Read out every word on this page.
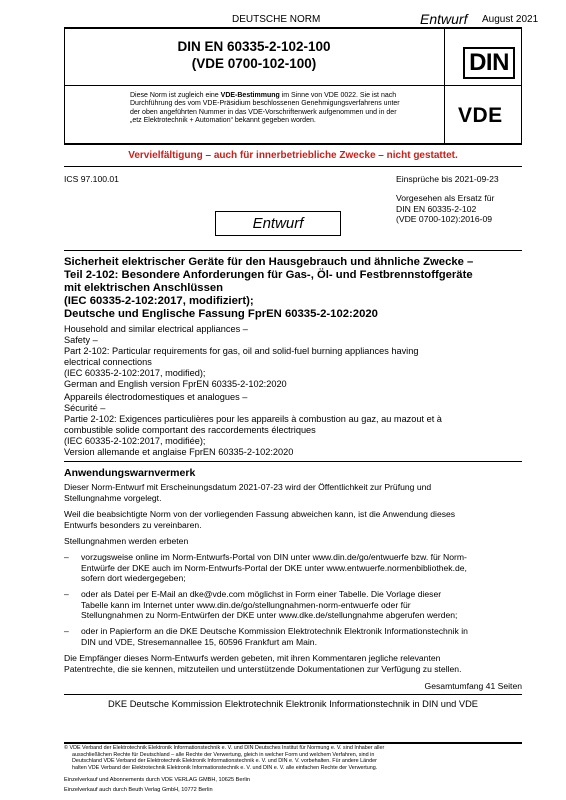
DEUTSCHE NORM	Entwurf August 2021
DIN EN 60335-2-102-100
(VDE 0700-102-100)	DIN
VDE
Diese Norm ist zugleich eine VDE-Bestimmung im Sinne von VDE 0022. Sie ist nach
Durchführung des vom VDE-Präsidium beschlossenen Genehmigungsverfahrens unter
der oben angeführten Nummer in das VDE-Vorschriftenwerk aufgenommen und in der
„etz Elektrotechnik + Automation“ bekannt gegeben worden.
Vervielfältigung – auch für innerbetriebliche Zwecke – nicht gestattet.
ICS 97.100.01	Einsprüche bis 2021-09-23
Vorgesehen als Ersatz für
DIN EN 60335-2-102
(VDE 0700-102):2016-09
Entwurf
Sicherheit elektrischer Geräte für den Hausgebrauch und ähnliche Zwecke –
Teil 2-102: Besondere Anforderungen für Gas-, Öl- und Festbrennstoffgeräte
mit elektrischen Anschlüssen
(IEC 60335-2-102:2017, modifiziert);
Deutsche und Englische Fassung FprEN 60335-2-102:2020
Household and similar electrical appliances –
Safety –
Part 2-102: Particular requirements for gas, oil and solid-fuel burning appliances having
electrical connections
(IEC 60335-2-102:2017, modified);
German and English version FprEN 60335-2-102:2020
Appareils électrodomestiques et analogues –
Sécurité –
Partie 2-102: Exigences particulières pour les appareils à combustion au gaz, au mazout et à
combustible solide comportant des raccordements électriques
(IEC 60335-2-102:2017, modifiée);
Version allemande et anglaise FprEN 60335-2-102:2020
Anwendungswarnvermerk
Dieser Norm-Entwurf mit Erscheinungsdatum 2021-07-23 wird der Öffentlichkeit zur Prüfung und
Stellungnahme vorgelegt.
Weil die beabsichtigte Norm von der vorliegenden Fassung abweichen kann, ist die Anwendung dieses
Entwurfs besonders zu vereinbaren.
Stellungnahmen werden erbeten
– vorzugsweise online im Norm-Entwurfs-Portal von DIN unter www.din.de/go/entwuerfe bzw. für Norm-
Entwürfe der DKE auch im Norm-Entwurfs-Portal der DKE unter www.entwuerfe.normenbibliothek.de,
sofern dort wiedergegeben;
– oder als Datei per E-Mail an dke@vde.com möglichst in Form einer Tabelle. Die Vorlage dieser
Tabelle kann im Internet unter www.din.de/go/stellungnahmen-norm-entwuerfe oder für
Stellungnahmen zu Norm-Entwürfen der DKE unter www.dke.de/stellungnahme abgerufen werden;
– oder in Papierform an die DKE Deutsche Kommission Elektrotechnik Elektronik Informationstechnik in
DIN und VDE, Stresemannallee 15, 60596 Frankfurt am Main.
Die Empfänger dieses Norm-Entwurfs werden gebeten, mit ihren Kommentaren jegliche relevanten
Patentrechte, die sie kennen, mitzuteilen und unterstützende Dokumentationen zur Verfügung zu stellen.
Gesamtumfang 41 Seiten
DKE Deutsche Kommission Elektrotechnik Elektronik Informationstechnik in DIN und VDE
© VDE Verband der Elektrotechnik Elektronik Informationstechnik e. V. und DIN Deutsches Institut für Normung e. V. sind Inhaber aller
ausschließlichen Rechte für Deutschland – alle Rechte der Verwertung, gleich in welcher Form und welchem Verfahren, sind in
Deutschland VDE Verband der Elektrotechnik Elektronik Informationstechnik e. V. und DIN e. V. vorbehalten. Für andere Länder
halten VDE Verband der Elektrotechnik Elektronik Informationstechnik e. V. und DIN e. V. alle einfachen Rechte der Verwertung.
Einzelverkauf und Abonnements durch VDE VERLAG GMBH, 10625 Berlin
Einzelverkauf auch durch Beuth Verlag GmbH, 10772 Berlin
